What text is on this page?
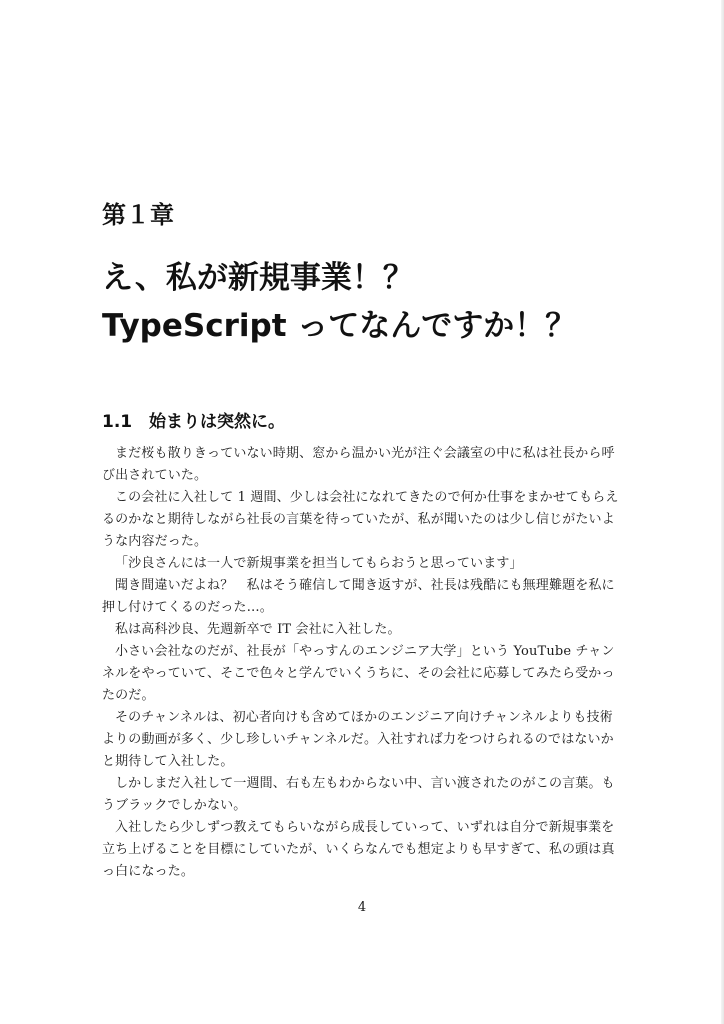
第１章
え、私が新規事業！？
TypeScript ってなんですか！？
1.1 始まりは突然に。

まだ桜も散りきっていない時期、窓から温かい光が注ぐ会議室の中に私は社長から呼び出されていた。

この会社に入社して 1 週間、少しは会社になれてきたので何か仕事をまかせてもらえるのかなと期待しながら社長の言葉を待っていたが、私が聞いたのは少し信じがたいような内容だった。

「沙良さんには一人で新規事業を担当してもらおうと思っています」

聞き間違いだよね？　私はそう確信して聞き返すが、社長は残酷にも無理難題を私に押し付けてくるのだった…。

私は高科沙良、先週新卒で IT 会社に入社した。

小さい会社なのだが、社長が「やっすんのエンジニア大学」という YouTube チャンネルをやっていて、そこで色々と学んでいくうちに、その会社に応募してみたら受かったのだ。

そのチャンネルは、初心者向けも含めてほかのエンジニア向けチャンネルよりも技術よりの動画が多く、少し珍しいチャンネルだ。入社すれば力をつけられるのではないかと期待して入社した。

しかしまだ入社して一週間、右も左もわからない中、言い渡されたのがこの言葉。もうブラックでしかない。

入社したら少しずつ教えてもらいながら成長していって、いずれは自分で新規事業を立ち上げることを目標にしていたが、いくらなんでも想定よりも早すぎて、私の頭は真っ白になった。

4
